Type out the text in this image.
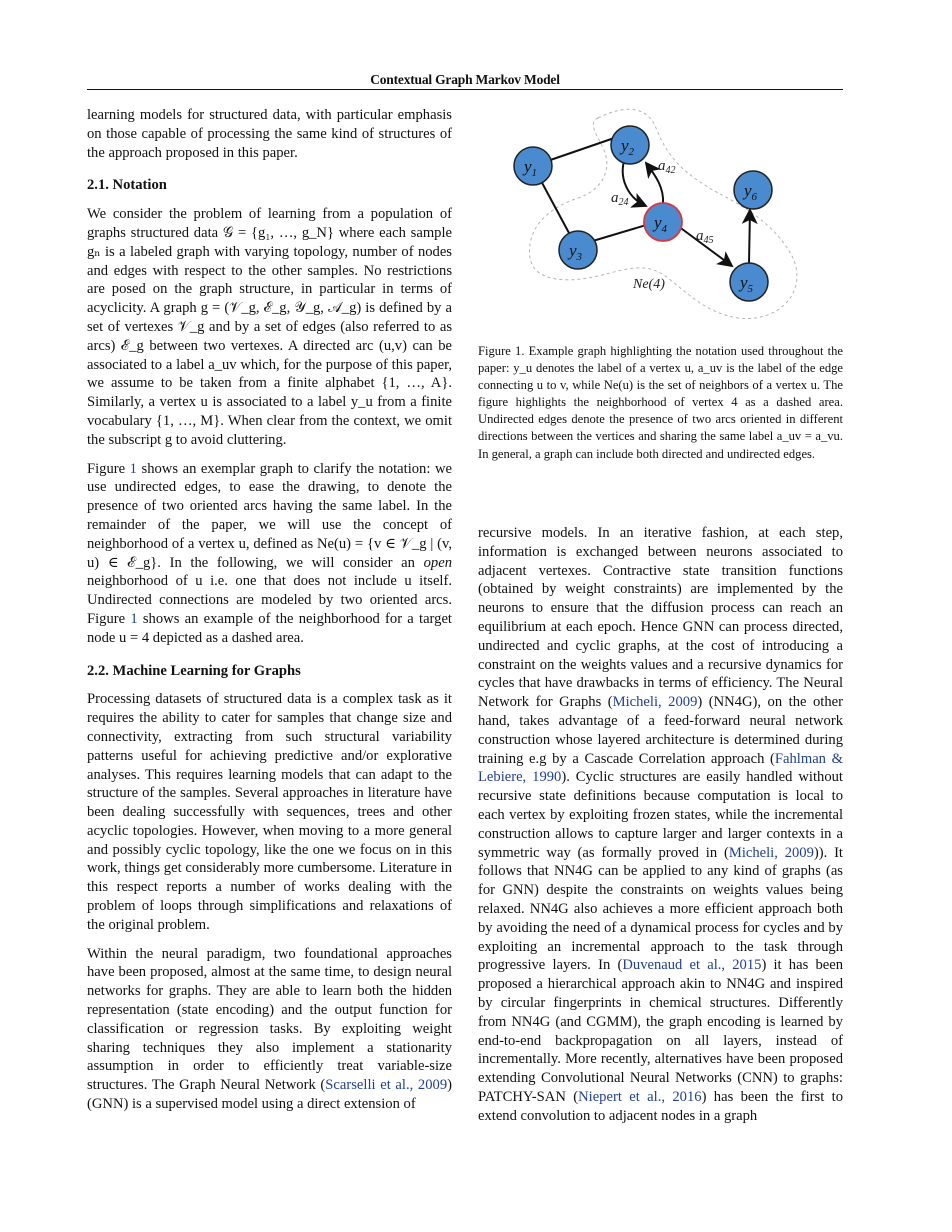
Contextual Graph Markov Model

learning models for structured data, with particular emphasis on those capable of processing the same kind of structures of the approach proposed in this paper.

2.1. Notation

We consider the problem of learning from a population of graphs structured data 𝒢 = {g₁, …, g_N} where each sample gₙ is a labeled graph with varying topology, number of nodes and edges with respect to the other samples. No restrictions are posed on the graph structure, in particular in terms of acyclicity. A graph g = (𝒱_g, ℰ_g, 𝒴_g, 𝒜_g) is defined by a set of vertexes 𝒱_g and by a set of edges (also referred to as arcs) ℰ_g between two vertexes. A directed arc (u,v) can be associated to a label a_uv which, for the purpose of this paper, we assume to be taken from a finite alphabet {1, …, A}. Similarly, a vertex u is associated to a label y_u from a finite vocabulary {1, …, M}. When clear from the context, we omit the subscript g to avoid cluttering.

Figure 1 shows an exemplar graph to clarify the notation: we use undirected edges, to ease the drawing, to denote the presence of two oriented arcs having the same label. In the remainder of the paper, we will use the concept of neighborhood of a vertex u, defined as Ne(u) = {v ∈ 𝒱_g | (v, u) ∈ ℰ_g}. In the following, we will consider an open neighborhood of u i.e. one that does not include u itself. Undirected connections are modeled by two oriented arcs. Figure 1 shows an example of the neighborhood for a target node u = 4 depicted as a dashed area.

2.2. Machine Learning for Graphs

Processing datasets of structured data is a complex task as it requires the ability to cater for samples that change size and connectivity, extracting from such structural variability patterns useful for achieving predictive and/or explorative analyses. This requires learning models that can adapt to the structure of the samples. Several approaches in literature have been dealing successfully with sequences, trees and other acyclic topologies. However, when moving to a more general and possibly cyclic topology, like the one we focus on in this work, things get considerably more cumbersome. Literature in this respect reports a number of works dealing with the problem of loops through simplifications and relaxations of the original problem.

Within the neural paradigm, two foundational approaches have been proposed, almost at the same time, to design neural networks for graphs. They are able to learn both the hidden representation (state encoding) and the output function for classification or regression tasks. By exploiting weight sharing techniques they also implement a stationarity assumption in order to efficiently treat variable-size structures. The Graph Neural Network (Scarselli et al., 2009) (GNN) is a supervised model using a direct extension of

$y_1$
$y_2$
$y_3$
$y_4$
$y_5$
$y_6$
$a_{42}$
$a_{24}$
$a_{45}$
Ne(4)
Figure 1. Example graph highlighting the notation used throughout the paper: y_u denotes the label of a vertex u, a_uv is the label of the edge connecting u to v, while Ne(u) is the set of neighbors of a vertex u. The figure highlights the neighborhood of vertex 4 as a dashed area. Undirected edges denote the presence of two arcs oriented in different directions between the vertices and sharing the same label a_uv = a_vu. In general, a graph can include both directed and undirected edges.

recursive models. In an iterative fashion, at each step, information is exchanged between neurons associated to adjacent vertexes. Contractive state transition functions (obtained by weight constraints) are implemented by the neurons to ensure that the diffusion process can reach an equilibrium at each epoch. Hence GNN can process directed, undirected and cyclic graphs, at the cost of introducing a constraint on the weights values and a recursive dynamics for cycles that have drawbacks in terms of efficiency. The Neural Network for Graphs (Micheli, 2009) (NN4G), on the other hand, takes advantage of a feed-forward neural network construction whose layered architecture is determined during training e.g by a Cascade Correlation approach (Fahlman & Lebiere, 1990). Cyclic structures are easily handled without recursive state definitions because computation is local to each vertex by exploiting frozen states, while the incremental construction allows to capture larger and larger contexts in a symmetric way (as formally proved in (Micheli, 2009)). It follows that NN4G can be applied to any kind of graphs (as for GNN) despite the constraints on weights values being relaxed. NN4G also achieves a more efficient approach both by avoiding the need of a dynamical process for cycles and by exploiting an incremental approach to the task through progressive layers. In (Duvenaud et al., 2015) it has been proposed a hierarchical approach akin to NN4G and inspired by circular fingerprints in chemical structures. Differently from NN4G (and CGMM), the graph encoding is learned by end-to-end backpropagation on all layers, instead of incrementally. More recently, alternatives have been proposed extending Convolutional Neural Networks (CNN) to graphs: PATCHY-SAN (Niepert et al., 2016) has been the first to extend convolution to adjacent nodes in a graph
